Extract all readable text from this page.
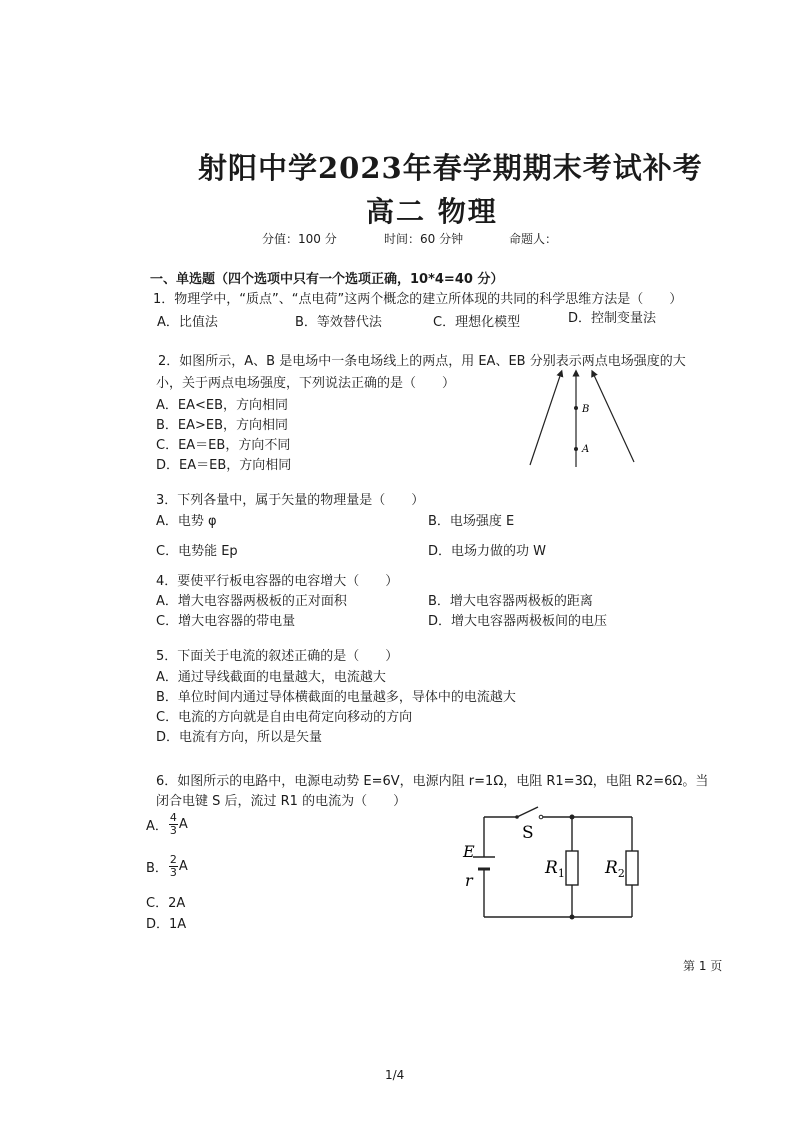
射阳中学2023年春学期期末考试补考
高二 物理
分值：100 分	时间：60 分钟	命题人：
一、单选题（四个选项中只有一个选项正确，10*4=40 分）
1．物理学中，“质点”、“点电荷”这两个概念的建立所体现的共同的科学思维方法是（　　）
A．比值法	B．等效替代法	C．理想化模型	D．控制变量法
2．如图所示，A、B 是电场中一条电场线上的两点，用 EA、EB 分别表示两点电场强度的大
小，关于两点电场强度，下列说法正确的是（　　）
A．EA<EB，方向相同
B．EA>EB，方向相同
C．EA＝EB，方向不同
D．EA＝EB，方向相同
B
A
3．下列各量中，属于矢量的物理量是（　　）
A．电势 φ	B．电场强度 E
C．电势能 Ep	D．电场力做的功 W
4．要使平行板电容器的电容增大（　　）
A．增大电容器两极板的正对面积	B．增大电容器两极板的距离
C．增大电容器的带电量	D．增大电容器两极板间的电压
5．下面关于电流的叙述正确的是（　　）
A．通过导线截面的电量越大，电流越大
B．单位时间内通过导体横截面的电量越多，导体中的电流越大
C．电流的方向就是自由电荷定向移动的方向
D．电流有方向，所以是矢量
6．如图所示的电路中，电源电动势 E=6V，电源内阻 r=1Ω，电阻 R1=3Ω，电阻 R2=6Ω。当
闭合电键 S 后，流过 R1 的电流为（　　）
A． $\frac{4}{3}$ A
B． $\frac{2}{3}$ A
C．2A
D．1A
E
r
S
$R_1$ $R_2$
第 1 页
1/4
